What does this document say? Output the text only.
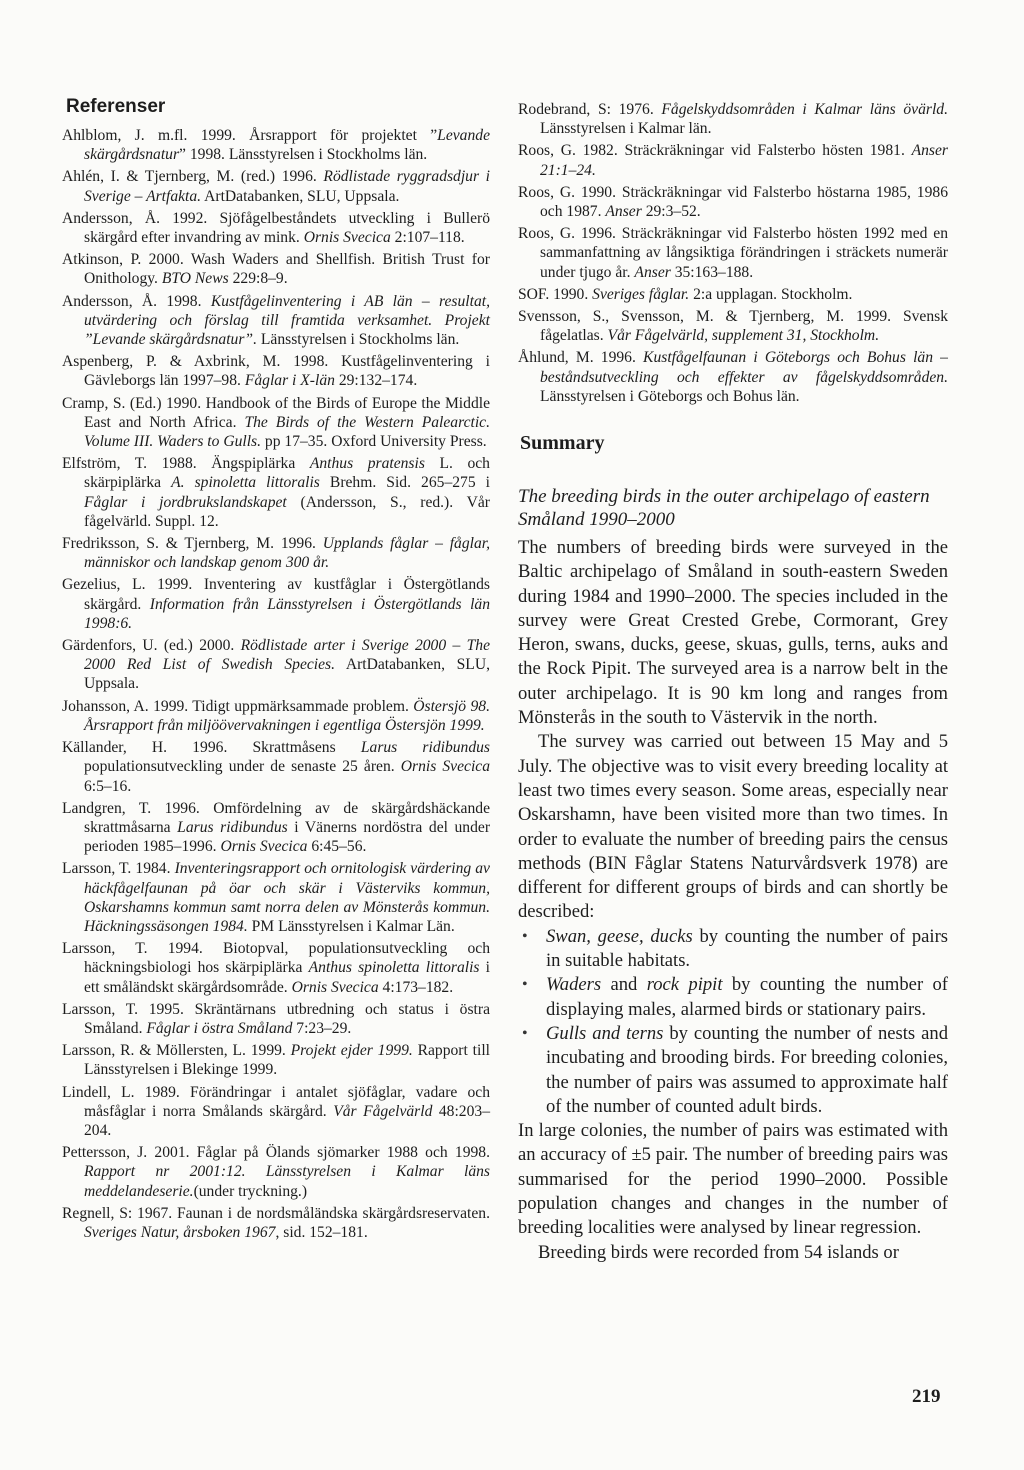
Referenser

Ahlblom, J. m.fl. 1999. Årsrapport för projektet ”Levande skärgårdsnatur” 1998. Länsstyrelsen i Stockholms län.

Ahlén, I. & Tjernberg, M. (red.) 1996. Rödlistade ryggradsdjur i Sverige – Artfakta. ArtDatabanken, SLU, Uppsala.

Andersson, Å. 1992. Sjöfågelbeståndets utveckling i Bullerö skärgård efter invandring av mink. Ornis Svecica 2:107–118.

Atkinson, P. 2000. Wash Waders and Shellfish. British Trust for Onithology. BTO News 229:8–9.

Andersson, Å. 1998. Kustfågelinventering i AB län – resultat, utvärdering och förslag till framtida verksamhet. Projekt ”Levande skärgårdsnatur”. Länsstyrelsen i Stockholms län.

Aspenberg, P. & Axbrink, M. 1998. Kustfågelinventering i Gävleborgs län 1997–98. Fåglar i X-län 29:132–174.

Cramp, S. (Ed.) 1990. Handbook of the Birds of Europe the Middle East and North Africa. The Birds of the Western Palearctic. Volume III. Waders to Gulls. pp 17–35. Oxford University Press.

Elfström, T. 1988. Ängspiplärka Anthus pratensis L. och skärpiplärka A. spinoletta littoralis Brehm. Sid. 265–275 i Fåglar i jordbrukslandskapet (Andersson, S., red.). Vår fågelvärld. Suppl. 12.

Fredriksson, S. & Tjernberg, M. 1996. Upplands fåglar – fåglar, människor och landskap genom 300 år.

Gezelius, L. 1999. Inventering av kustfåglar i Östergötlands skärgård. Information från Länsstyrelsen i Östergötlands län 1998:6.

Gärdenfors, U. (ed.) 2000. Rödlistade arter i Sverige 2000 – The 2000 Red List of Swedish Species. ArtDatabanken, SLU, Uppsala.

Johansson, A. 1999. Tidigt uppmärksammade problem. Östersjö 98. Årsrapport från miljöövervakningen i egentliga Östersjön 1999.

Källander, H. 1996. Skrattmåsens Larus ridibundus populationsutveckling under de senaste 25 åren. Ornis Svecica 6:5–16.

Landgren, T. 1996. Omfördelning av de skärgårdshäckande skrattmåsarna Larus ridibundus i Vänerns nordöstra del under perioden 1985–1996. Ornis Svecica 6:45–56.

Larsson, T. 1984. Inventeringsrapport och ornitologisk värdering av häckfågelfaunan på öar och skär i Västerviks kommun, Oskarshamns kommun samt norra delen av Mönsterås kommun. Häckningssäsongen 1984. PM Länsstyrelsen i Kalmar Län.

Larsson, T. 1994. Biotopval, populationsutveckling och häckningsbiologi hos skärpiplärka Anthus spinoletta littoralis i ett småländskt skärgårdsområde. Ornis Svecica 4:173–182.

Larsson, T. 1995. Skräntärnans utbredning och status i östra Småland. Fåglar i östra Småland 7:23–29.

Larsson, R. & Möllersten, L. 1999. Projekt ejder 1999. Rapport till Länsstyrelsen i Blekinge 1999.

Lindell, L. 1989. Förändringar i antalet sjöfåglar, vadare och måsfåglar i norra Smålands skärgård. Vår Fågelvärld 48:203–204.

Pettersson, J. 2001. Fåglar på Ölands sjömarker 1988 och 1998. Rapport nr 2001:12. Länsstyrelsen i Kalmar läns meddelandeserie.(under tryckning.)

Regnell, S: 1967. Faunan i de nordsmåländska skärgårdsreservaten. Sveriges Natur, årsboken 1967, sid. 152–181.

Rodebrand, S: 1976. Fågelskyddsområden i Kalmar läns övärld. Länsstyrelsen i Kalmar län.

Roos, G. 1982. Sträckräkningar vid Falsterbo hösten 1981. Anser 21:1–24.

Roos, G. 1990. Sträckräkningar vid Falsterbo höstarna 1985, 1986 och 1987. Anser 29:3–52.

Roos, G. 1996. Sträckräkningar vid Falsterbo hösten 1992 med en sammanfattning av långsiktiga förändringen i sträckets numerär under tjugo år. Anser 35:163–188.

SOF. 1990. Sveriges fåglar. 2:a upplagan. Stockholm.

Svensson, S., Svensson, M. & Tjernberg, M. 1999. Svensk fågelatlas. Vår Fågelvärld, supplement 31, Stockholm.

Åhlund, M. 1996. Kustfågelfaunan i Göteborgs och Bohus län – beståndsutveckling och effekter av fågelskyddsområden. Länsstyrelsen i Göteborgs och Bohus län.

Summary

The breeding birds in the outer archipelago of eastern Småland 1990–2000

The numbers of breeding birds were surveyed in the Baltic archipelago of Småland in south-eastern Sweden during 1984 and 1990–2000. The species included in the survey were Great Crested Grebe, Cormorant, Grey Heron, swans, ducks, geese, skuas, gulls, terns, auks and the Rock Pipit. The surveyed area is a narrow belt in the outer archipelago. It is 90 km long and ranges from Mönsterås in the south to Västervik in the north.

The survey was carried out between 15 May and 5 July. The objective was to visit every breeding locality at least two times every season. Some areas, especially near Oskarshamn, have been visited more than two times. In order to evaluate the number of breeding pairs the census methods (BIN Fåglar Statens Naturvårdsverk 1978) are different for different groups of birds and can shortly be described:

• Swan, geese, ducks by counting the number of pairs in suitable habitats.
• Waders and rock pipit by counting the number of displaying males, alarmed birds or stationary pairs.
• Gulls and terns by counting the number of nests and incubating and brooding birds. For breeding colonies, the number of pairs was assumed to approximate half of the number of counted adult birds.

In large colonies, the number of pairs was estimated with an accuracy of ±5 pair. The number of breeding pairs was summarised for the period 1990–2000. Possible population changes and changes in the number of breeding localities were analysed by linear regression.

Breeding birds were recorded from 54 islands or

219
